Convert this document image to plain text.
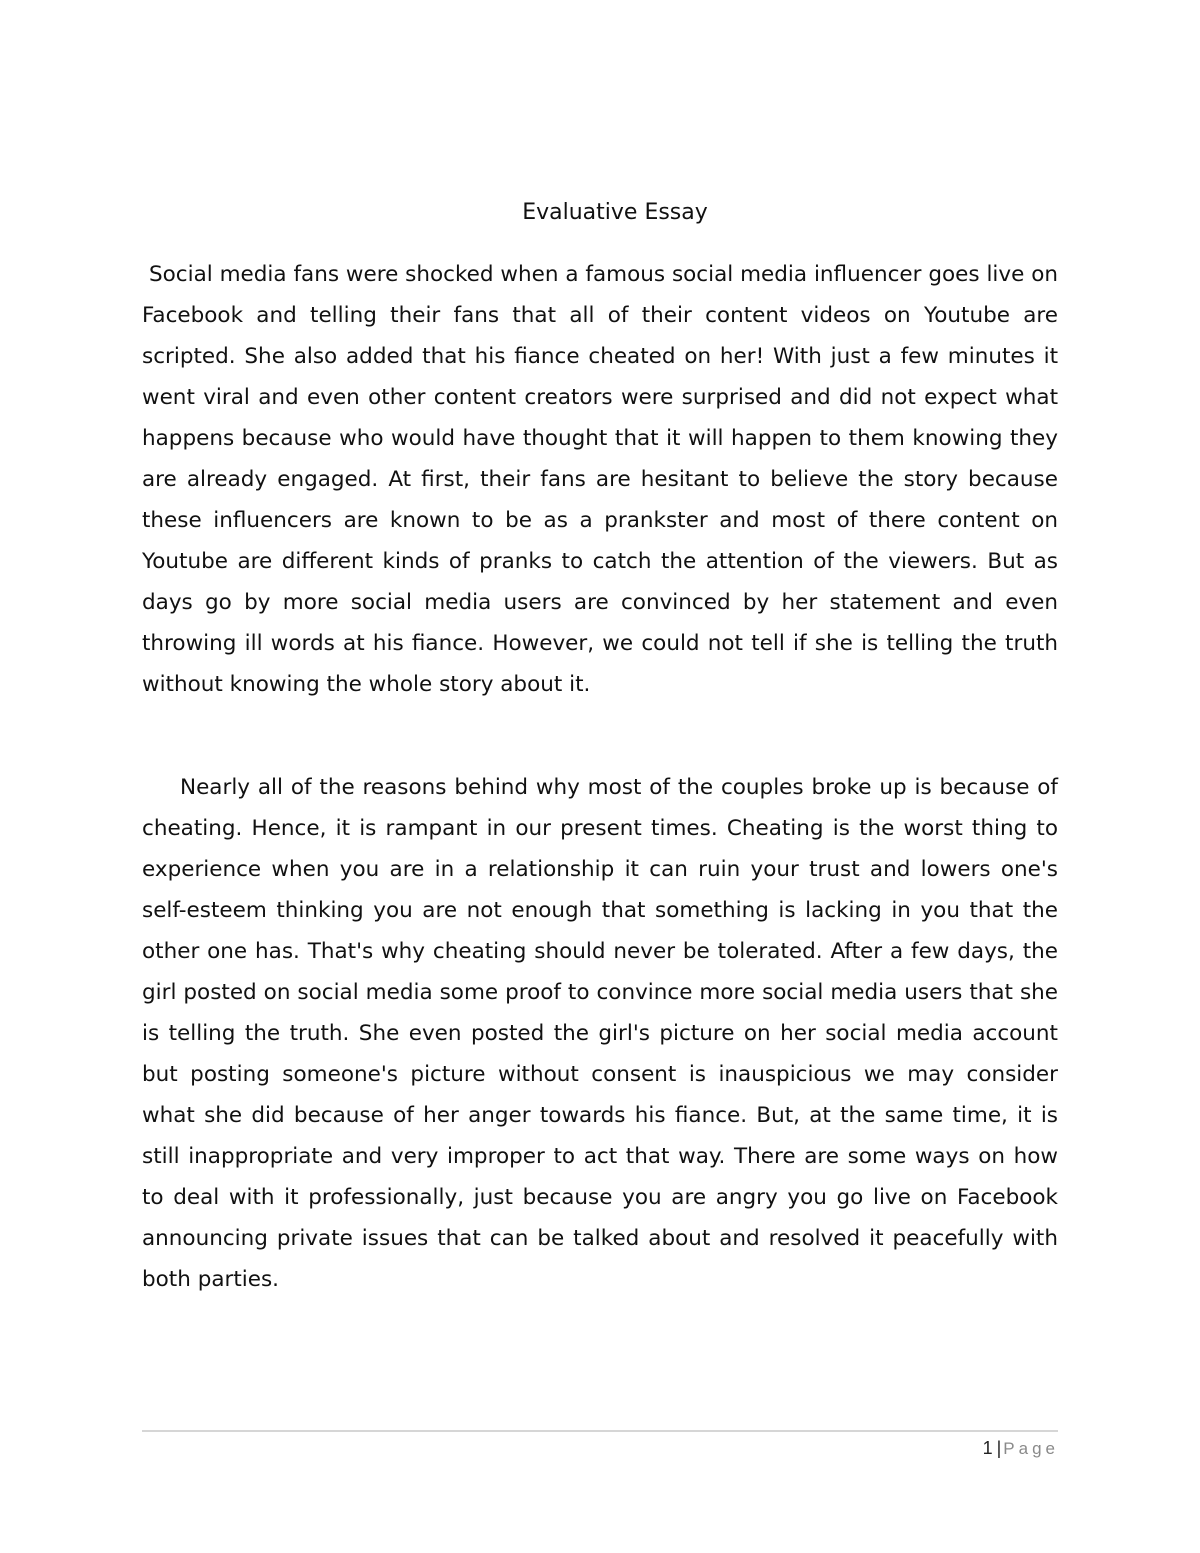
Evaluative Essay

Social media fans were shocked when a famous social media influencer goes live on Facebook and telling their fans that all of their content videos on Youtube are scripted. She also added that his fiance cheated on her! With just a few minutes it went viral and even other content creators were surprised and did not expect what happens because who would have thought that it will happen to them knowing they are already engaged. At first, their fans are hesitant to believe the story because these influencers are known to be as a prankster and most of there content on Youtube are different kinds of pranks to catch the attention of the viewers. But as days go by more social media users are convinced by her statement and even throwing ill words at his fiance. However, we could not tell if she is telling the truth without knowing the whole story about it.

Nearly all of the reasons behind why most of the couples broke up is because of cheating. Hence, it is rampant in our present times. Cheating is the worst thing to experience when you are in a relationship it can ruin your trust and lowers one's self-esteem thinking you are not enough that something is lacking in you that the other one has. That's why cheating should never be tolerated. After a few days, the girl posted on social media some proof to convince more social media users that she is telling the truth. She even posted the girl's picture on her social media account but posting someone's picture without consent is inauspicious we may consider what she did because of her anger towards his fiance. But, at the same time, it is still inappropriate and very improper to act that way. There are some ways on how to deal with it professionally, just because you are angry you go live on Facebook announcing private issues that can be talked about and resolved it peacefully with both parties.

1 | Page
